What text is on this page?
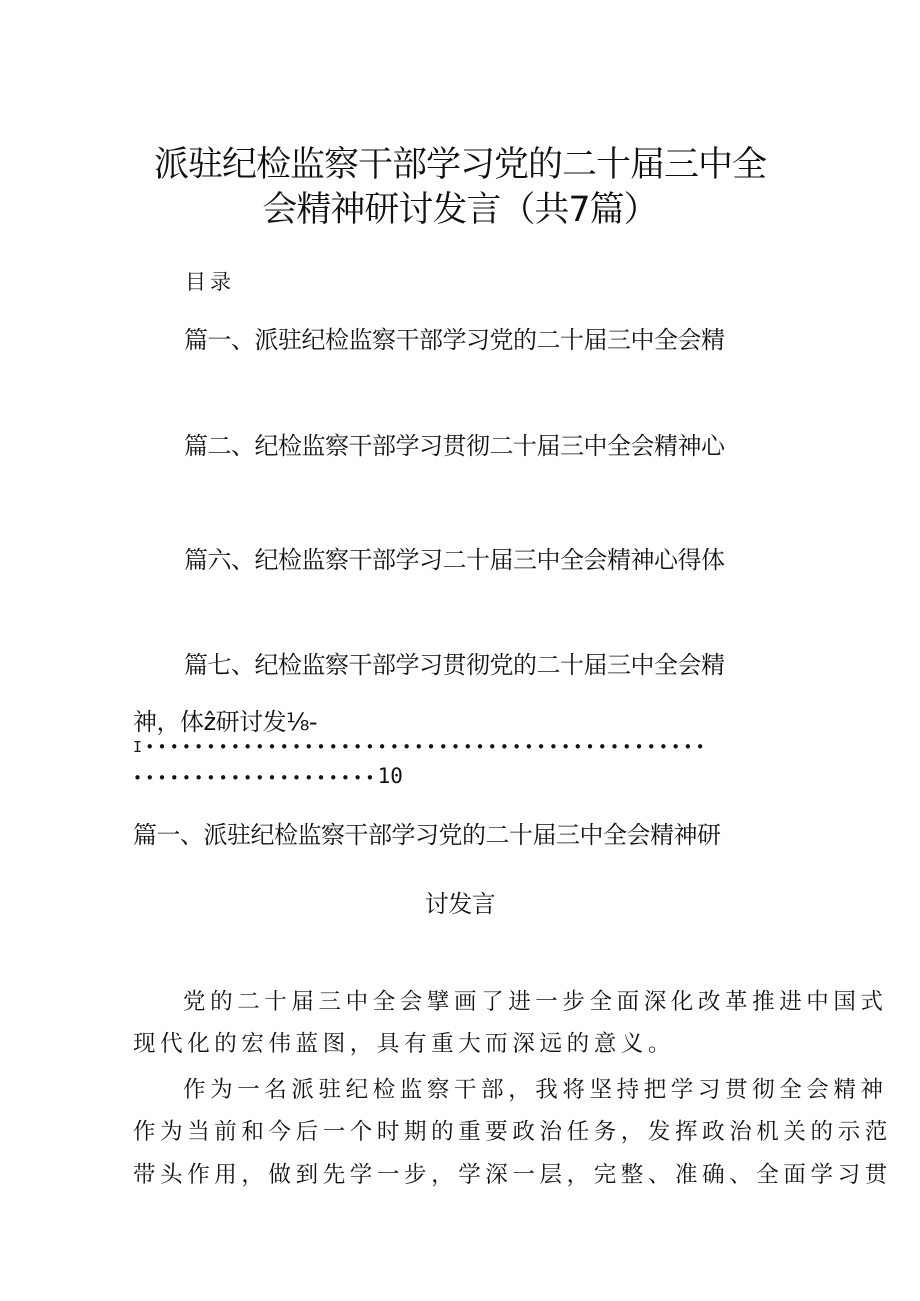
派驻纪检监察干部学习党的二十届三中全
会精神研讨发言（共7篇）
目录
篇一、派驻纪检监察干部学习党的二十届三中全会精
篇二、纪检监察干部学习贯彻二十届三中全会精神心
篇六、纪检监察干部学习二十届三中全会精神心得体
篇七、纪检监察干部学习贯彻党的二十届三中全会精
神，体ẑ研讨发⅛-
I••••••••••••••••••••••••••••••••••••••••••••••
••••••••••••••••••••10
篇一、派驻纪检监察干部学习党的二十届三中全会精神研
讨发言
党的二十届三中全会擘画了进一步全面深化改革推进中国式
现代化的宏伟蓝图，具有重大而深远的意义。
作为一名派驻纪检监察干部，我将坚持把学习贯彻全会精神
作为当前和今后一个时期的重要政治任务，发挥政治机关的示范
带头作用，做到先学一步，学深一层，完整、准确、全面学习贯
